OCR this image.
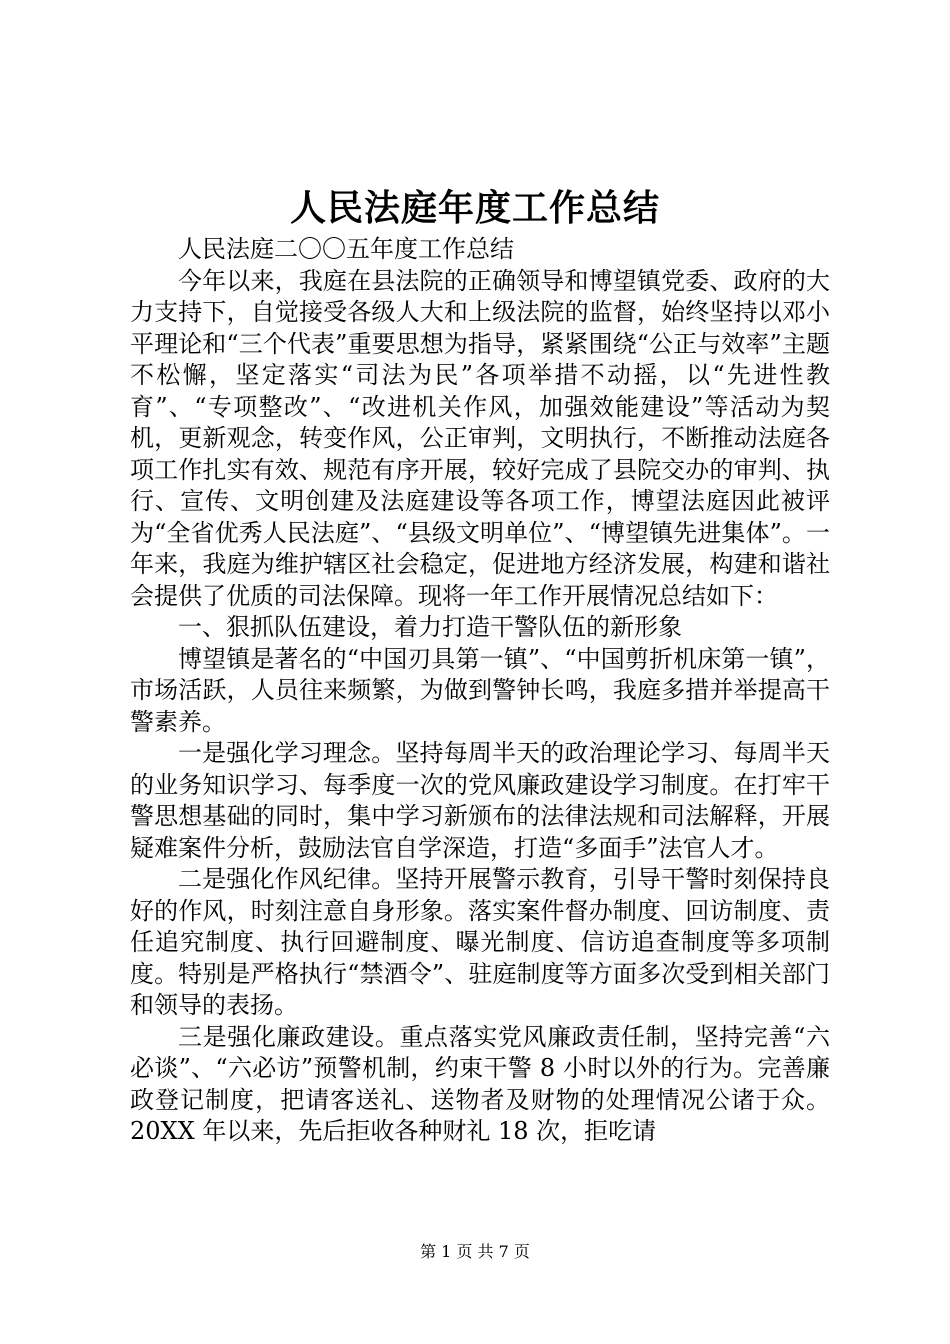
人民法庭年度工作总结

人民法庭二〇〇五年度工作总结

今年以来，我庭在县法院的正确领导和博望镇党委、政府的大力支持下，自觉接受各级人大和上级法院的监督，始终坚持以邓小平理论和“三个代表”重要思想为指导，紧紧围绕“公正与效率”主题不松懈，坚定落实“司法为民”各项举措不动摇，以“先进性教育”、“专项整改”、“改进机关作风，加强效能建设”等活动为契机，更新观念，转变作风，公正审判，文明执行，不断推动法庭各项工作扎实有效、规范有序开展，较好完成了县院交办的审判、执行、宣传、文明创建及法庭建设等各项工作，博望法庭因此被评为“全省优秀人民法庭”、“县级文明单位”、“博望镇先进集体”。一年来，我庭为维护辖区社会稳定，促进地方经济发展，构建和谐社会提供了优质的司法保障。现将一年工作开展情况总结如下：

一、狠抓队伍建设，着力打造干警队伍的新形象

博望镇是著名的“中国刃具第一镇”、“中国剪折机床第一镇”，市场活跃，人员往来频繁，为做到警钟长鸣，我庭多措并举提高干警素养。

一是强化学习理念。坚持每周半天的政治理论学习、每周半天的业务知识学习、每季度一次的党风廉政建设学习制度。在打牢干警思想基础的同时，集中学习新颁布的法律法规和司法解释，开展疑难案件分析，鼓励法官自学深造，打造“多面手”法官人才。

二是强化作风纪律。坚持开展警示教育，引导干警时刻保持良好的作风，时刻注意自身形象。落实案件督办制度、回访制度、责任追究制度、执行回避制度、曝光制度、信访追查制度等多项制度。特别是严格执行“禁酒令”、驻庭制度等方面多次受到相关部门和领导的表扬。

三是强化廉政建设。重点落实党风廉政责任制，坚持完善“六必谈”、“六必访”预警机制，约束干警 8 小时以外的行为。完善廉政登记制度，把请客送礼、送物者及财物的处理情况公诸于众。20XX 年以来，先后拒收各种财礼 18 次，拒吃请

第 1 页 共 7 页
